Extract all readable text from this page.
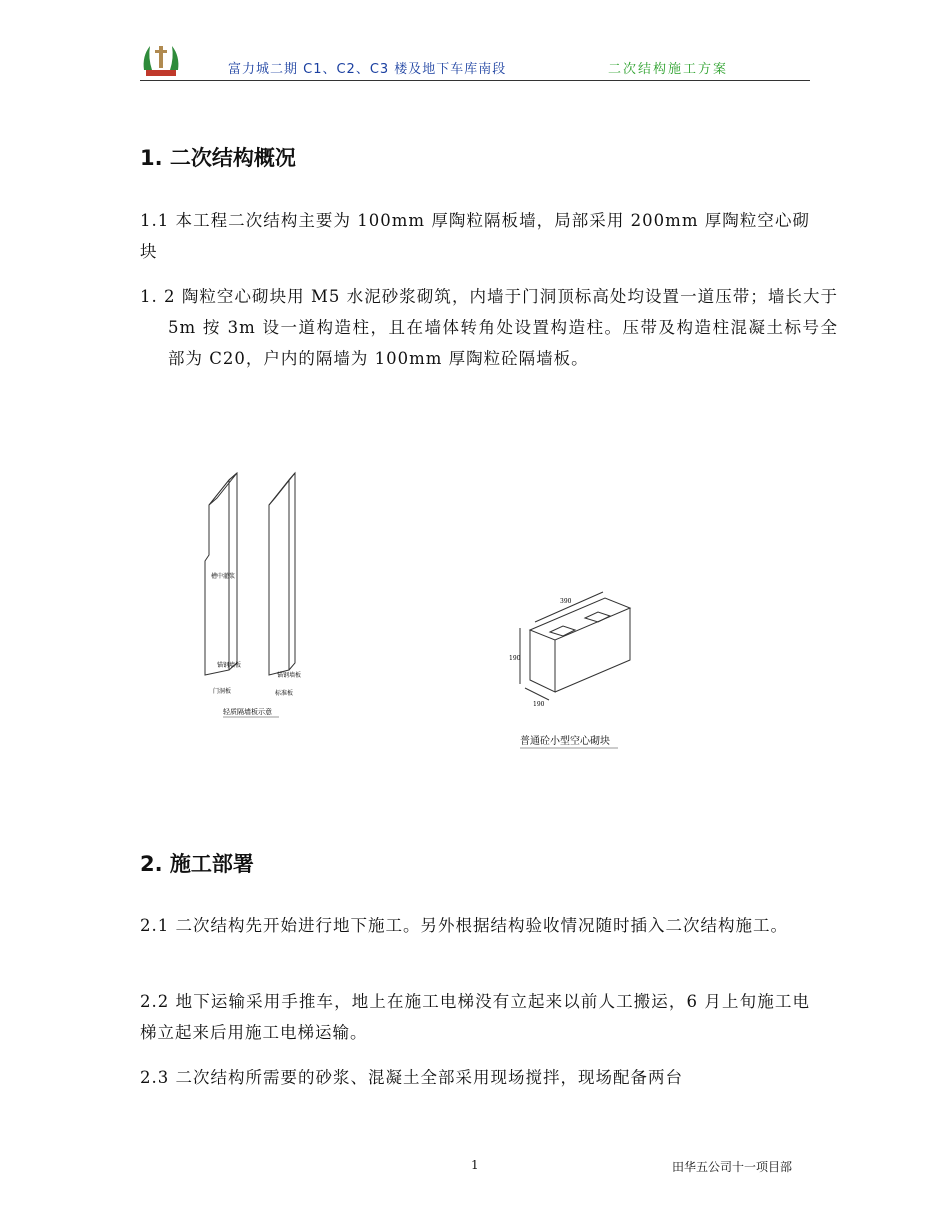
富力城二期 C1、C2、C3 楼及地下车库南段	二次结构施工方案
1. 二次结构概况

1.1 本工程二次结构主要为 100mm 厚陶粒隔板墙，局部采用 200mm 厚陶粒空心砌块

1. 2 陶粒空心砌块用 M5 水泥砂浆砌筑，内墙于门洞顶标高处均设置一道压带；墙长大于 5m 按 3m 设一道构造柱，且在墙体转角处设置构造柱。压带及构造柱混凝土标号全部为 C20，户内的隔墙为 100mm 厚陶粒砼隔墙板。

槽中灌浆
锚钢墙板
锚钢墙板
门洞板	标准板
轻质隔墙板示意
390
190
190
普通砼小型空心砌块
2. 施工部署

2.1 二次结构先开始进行地下施工。另外根据结构验收情况随时插入二次结构施工。

2.2 地下运输采用手推车，地上在施工电梯没有立起来以前人工搬运，6 月上旬施工电梯立起来后用施工电梯运输。

2.3 二次结构所需要的砂浆、混凝土全部采用现场搅拌，现场配备两台

1	田华五公司十一项目部
